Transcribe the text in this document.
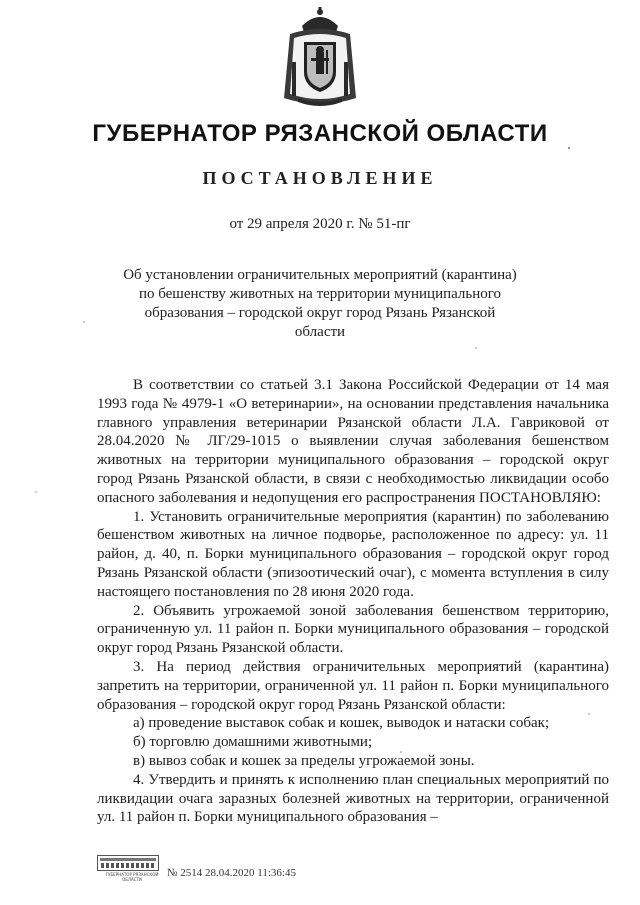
ГУБЕРНАТОР РЯЗАНСКОЙ ОБЛАСТИ
ПОСТАНОВЛЕНИЕ
от 29 апреля 2020 г. № 51-пг
Об установлении ограничительных мероприятий (карантина)
по бешенству животных на территории муниципального
образования – городской округ город Рязань Рязанской области

В соответствии со статьей 3.1 Закона Российской Федерации от 14 мая 1993 года № 4979-1 «О ветеринарии», на основании представления начальника главного управления ветеринарии Рязанской области Л.А. Гавриковой от 28.04.2020 № ЛГ/29-1015 о выявлении случая заболевания бешенством животных на территории муниципального образования – городской округ город Рязань Рязанской области, в связи с необходимостью ликвидации особо опасного заболевания и недопущения его распространения ПОСТАНОВЛЯЮ:

1. Установить ограничительные мероприятия (карантин) по заболеванию бешенством животных на личное подворье, расположенное по адресу: ул. 11 район, д. 40, п. Борки муниципального образования – городской округ город Рязань Рязанской области (эпизоотический очаг), с момента вступления в силу настоящего постановления по 28 июня 2020 года.

2. Объявить угрожаемой зоной заболевания бешенством территорию, ограниченную ул. 11 район п. Борки муниципального образования – городской округ город Рязань Рязанской области.

3. На период действия ограничительных мероприятий (карантина) запретить на территории, ограниченной ул. 11 район п. Борки муниципального образования – городской округ город Рязань Рязанской области:

а) проведение выставок собак и кошек, выводок и натаски собак;

б) торговлю домашними животными;

в) вывоз собак и кошек за пределы угрожаемой зоны.

4. Утвердить и принять к исполнению план специальных мероприятий по ликвидации очага заразных болезней животных на территории, ограниченной ул. 11 район п. Борки муниципального образования –

ГУБЕРНАТОР РЯЗАНСКОЙ ОБЛАСТИ
№ 2514 28.04.2020 11:36:45
